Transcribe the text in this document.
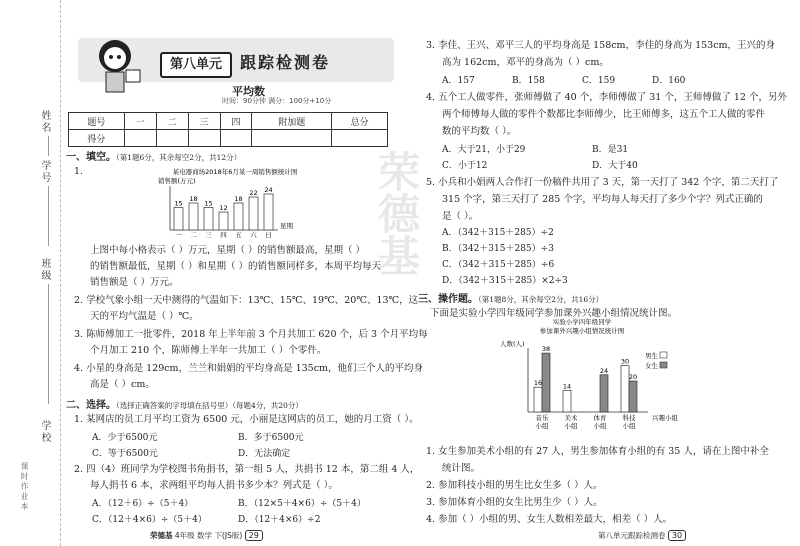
姓名
学号
班级
学校
课时作业本
第八单元	跟踪检测卷
平均数
时间：90分钟 满分：100分+10分
题号	一	二	三	四	附加题	总分
得分						
一、填空。（第1题6分，其余每空2分，共12分）
1.	某电器商场2018年6月某一周销售额统计图
销售额(万元)
15
一
18
二
15
三
12
四
18
五
22
六
24
日
星期
上图中每小格表示（ ）万元，星期（ ）的销售额最高，星期（ ）
的销售额最低，星期（ ）和星期（ ）的销售额同样多，本周平均每天
销售额是（ ）万元。
2. 学校气象小组一天中测得的气温如下：13℃、15℃、19℃、20℃、13℃，这一
天的平均气温是（ ）℃。
3. 陈师傅加工一批零件，2018 年上半年前 3 个月共加工 620 个，后 3 个月平均每
个月加工 210 个，陈师傅上半年一共加工（ ）个零件。
4. 小星的身高是 129cm，兰兰和娟娟的平均身高是 135cm，他们三个人的平均身
高是（ ）cm。
二、选择。（选择正确答案的字母填在括号里）（每题4分，共20分）
1. 某网店的员工月平均工资为 6500 元，小丽是这网店的员工，她的月工资（ ）。
A．少于6500元	B．多于6500元
C．等于6500元	D．无法确定
2. 四（4）班同学为学校图书角捐书，第一组 5 人，共捐书 12 本，第二组 4 人，
每人捐书 6 本，求两组平均每人捐书多少本？列式是（ ）。
A．（12＋6）÷（5＋4）	B．（12×5＋4×6）÷（5＋4）
C．（12＋4×6）÷（5＋4）	D．（12＋4×6）÷2
荣德基 4年级 数学 下(JS版) 29
荣德基
3. 李佳、王兴、邓平三人的平均身高是 158cm，李佳的身高为 153cm，王兴的身
高为 162cm，邓平的身高为（ ）cm。
A．157	B．158	C．159	D．160
4. 五个工人做零件，张师傅做了 40 个，李师傅做了 31 个，王师傅做了 12 个，另外
两个师傅每人做的零件个数都比李师傅少，比王师傅多，这五个工人做的零件
数的平均数（ ）。
A．大于21，小于29	B．是31
C．小于12	D．大于40
5. 小兵和小娟两人合作打一份稿件共用了 3 天，第一天打了 342 个字，第二天打了
315 个字，第三天打了 285 个字，平均每人每天打了多少个字？列式正确的
是（ ）。
A．（342＋315＋285）÷2
B．（342＋315＋285）÷3
C．（342＋315＋285）÷6
D．（342＋315＋285）×2÷3
三、操作题。（第1题8分，其余每空2分，共16分）
下面是实验小学四年级同学参加课外兴趣小组情况统计图。
实验小学四年级同学
参加课外兴趣小组情况统计图
人数(人)
16
38
音乐
小组
14
美术
小组
24
体育
小组
30
20
科技
小组
男生
女生
兴趣小组
1. 女生参加美术小组的有 27 人，男生参加体育小组的有 35 人，请在上图中补全
统计图。
2. 参加科技小组的男生比女生多（ ）人。
3. 参加体育小组的女生比男生少（ ）人。
4. 参加（ ）小组的男、女生人数相差最大，相差（ ）人。
第八单元跟踪检测卷 30
